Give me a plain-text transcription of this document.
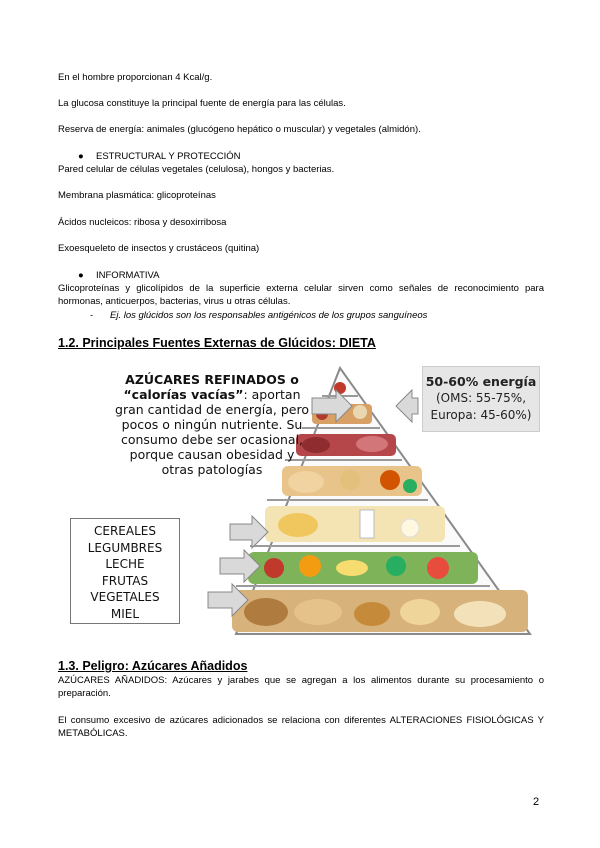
En el hombre proporcionan 4 Kcal/g.

La glucosa constituye la principal fuente de energía para las células.

Reserva de energía: animales (glucógeno hepático o muscular) y vegetales (almidón).

● ESTRUCTURAL Y PROTECCIÓN

Pared celular de células vegetales (celulosa), hongos y bacterias.

Membrana plasmática: glicoproteínas

Ácidos nucleicos: ribosa y desoxirribosa

Exoesqueleto de insectos y crustáceos (quitina)

● INFORMATIVA

Glicoproteínas y glicolípidos de la superficie externa celular sirven como señales de reconocimiento para hormonas, anticuerpos, bacterias, virus u otras células.

- Ej. los glúcidos son los responsables antigénicos de los grupos sanguíneos
1.2. Principales Fuentes Externas de Glúcidos: DIETA
AZÚCARES REFINADOS o “calorías vacías”: aportan gran cantidad de energía, pero pocos o ningún nutriente. Su consumo debe ser ocasional, porque causan obesidad y otras patologías
CEREALES
LEGUMBRES
LECHE
FRUTAS
VEGETALES
MIEL
50-60% energía
(OMS: 55-75%,
Europa: 45-60%)
1.3. Peligro: Azúcares Añadidos

AZÚCARES AÑADIDOS: Azúcares y jarabes que se agregan a los alimentos durante su procesamiento o preparación.

El consumo excesivo de azúcares adicionados se relaciona con diferentes ALTERACIONES FISIOLÓGICAS Y METABÓLICAS.

2
